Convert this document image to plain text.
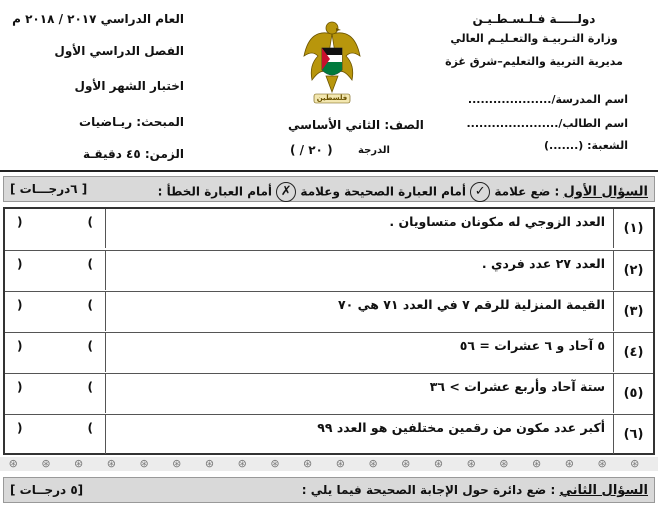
دولـــــة فـلـسـطـيـن
وزارة التـربيـة والتعـليـم العالي
مديرية التربية والتعليم–شرق غزة
اسم المدرسة/....................
اسم الطالب/......................
الشعبة: (.......)
فلسطين
الصف: الثاني الأساسي
الدرجة
( / ٢٠ )
العام الدراسي ٢٠١٧ / ٢٠١٨ م
الفصل الدراسي الأول
اختبار الشهر الأول
المبحث: ريـاضيات
الزمن: ٤٥ دقيقـة
السؤال الأول : ضع علامة ✓ أمام العبارة الصحيحة وعلامة ✗ أمام العبارة الخطأ :
[ ٦درجـــات ]
(١)
العدد الزوجي له مكونان متساويان .
(
)
(٢)
العدد ٢٧ عدد فردي .
(
)
(٣)
القيمة المنزلية للرقم ٧ في العدد ٧١ هي ٧٠
(
)
(٤)
٥ آحاد و ٦ عشرات = ٥٦
(
)
(٥)
ستة آحاد وأربع عشرات > ٣٦
(
)
(٦)
أكبر عدد مكون من رقمين مختلفين هو العدد ٩٩
(
)
⊛ ⊛ ⊛ ⊛ ⊛ ⊛ ⊛ ⊛ ⊛ ⊛ ⊛ ⊛ ⊛ ⊛ ⊛ ⊛ ⊛ ⊛ ⊛ ⊛
السؤال الثاني : ضع دائرة حول الإجابة الصحيحة فيما يلي :
[ ٥ درجــات]
